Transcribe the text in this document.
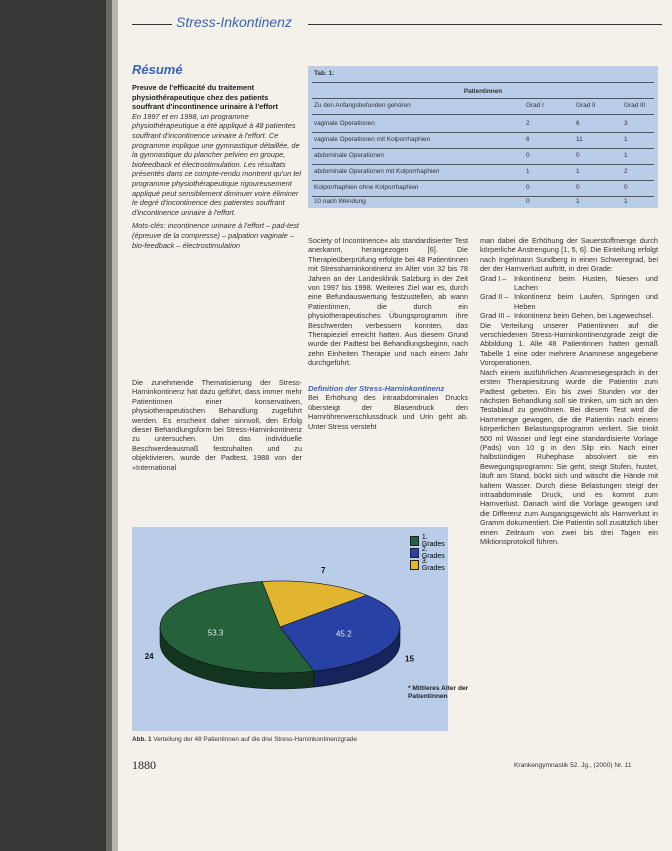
Stress-Inkontinenz
Résumé
Preuve de l'efficacité du traitement physiothérapeutique chez des patients souffrant d'incontinence urinaire à l'effort
En 1997 et en 1998, un programme physiothérapeutique a été appliqué à 48 patientes souffrant d'incontinence urinaire à l'effort. Ce programme implique une gymnastique détaillée, de la gymnastique du plancher pelvien en groupe, biofeedback et électrostimulation. Les résultats présentés dans ce compte-rendu montrent qu'un tel programme physiothérapeutique rigoureusement appliqué peut sensiblement diminuer voire éliminer le degré d'incontinence des patientes souffrant d'incontinence urinaire à l'effort.
Mots-clés: incontinence urinaire à l'effort – pad-test (épreuve de la compresse) – palpation vaginale – bio-feedback – électrostimulation
Tab. 1:
Patientinnen
Zu den Anfangsbefunden gehören	Grad I	Grad II	Grad III
vaginale Operationen	2	6	3
vaginale Operationen mit Kolporrhaphien	6	11	1
abdominale Operationen	0	0	1
abdominale Operationen mit Kolporrhaphien	1	1	2
Kolporrhaphien ohne Kolporrhaphien	0	0	0
10 nach Wendung	0	1	1
Die zunehmende Thematisierung der Stress-Harninkontinenz hat dazu geführt, dass immer mehr Patientinnen einer konservativen, physiotherapeutischen Behandlung zugeführt werden. Es erscheint daher sinnvoll, den Erfolg dieser Behandlungsform bei Stress-Harninkontinenz zu untersuchen. Um das individuelle Beschwerdeausmaß festzuhalten und zu objektivieren, wurde der Padtest, 1988 von der »International
Society of Incontinence« als standardisierter Test anerkannt, herangezogen [6]. Die Therapieüberprüfung erfolgte bei 48 Patientinnen mit Stressharninkontinenz im Alter von 32 bis 78 Jahren an der Landesklinik Salzburg in der Zeit von 1997 bis 1998. Weiteres Ziel war es, durch eine Befundauswertung festzustellen, ab wann Patientinnen, die durch ein physiotherapeutisches Übungsprogramm ihre Beschwerden verbessern konnten, das Therapieziel erreicht hatten. Aus diesem Grund wurde der Padtest bei Behandlungsbeginn, nach zehn Einheiten Therapie und nach einem Jahr durchgeführt.
Definition der Stress-Harninkontinenz
Bei Erhöhung des intraabdominalen Drucks übersteigt der Blasendruck den Harnröhrenverschlussdruck und Urin geht ab. Unter Stress versteht
man dabei die Erhöhung der Sauerstoffmenge durch körperliche Anstrengung [1, 5, 6]. Die Einteilung erfolgt nach Ingelmann Sundberg in einen Schweregrad, bei der der Harnverlust auftritt, in drei Grade:
Grad I –	Inkontinenz beim Husten, Niesen und Lachen
Grad II – Inkontinenz beim Laufen, Springen und Heben
Grad III – Inkontinenz beim Gehen, bei Lagewechsel.
Die Verteilung unserer Patientinnen auf die verschiedenen Stress-Harninkontinenzgrade zeigt die Abbildung 1. Alle 48 Patientinnen hatten gemäß Tabelle 1 eine oder mehrere Anamnese angegebene Voroperationen.
Nach einem ausführlichen Anamnesegespräch in der ersten Therapiesitzung wurde die Patientin zum Padtest gebeten. Ein bis zwei Stunden vor der nächsten Behandlung soll sie trinken, um sich an den Testablauf zu gewöhnen. Bei diesem Test wird die Harnmenge gewogen, die die Patientin nach einem körperlichen Belastungsprogramm verliert. Sie trinkt 500 ml Wasser und legt eine standardisierte Vorlage (Pads) von 10 g in den Slip ein. Nach einer halbstündigen Ruhephase absolviert sie ein Bewegungsprogramm: Sie geht, steigt Stufen, hustet, läuft am Stand, bückt sich und wäscht die Hände mit kaltem Wasser. Durch diese Belastungen steigt der intraabdominale Druck, und es kommt zum Harnverlust. Danach wird die Vorlage gewogen und die Differenz zum Ausgangsgewicht als Harnverlust in Gramm dokumentiert. Die Patientin soll zusätzlich über einen Zeitraum von zwei bis drei Tagen ein Miktionsprotokoll führen.
7
45.2
15
53.3
24
1. Grades
2. Grades
3. Grades
* Mittleres Alter der Patientinnen
Abb. 1 Verteilung der 48 Patientinnen auf die drei Stress-Harninkontinenzgrade
1880	Krankengymnastik 52. Jg., (2000) Nr. 11
